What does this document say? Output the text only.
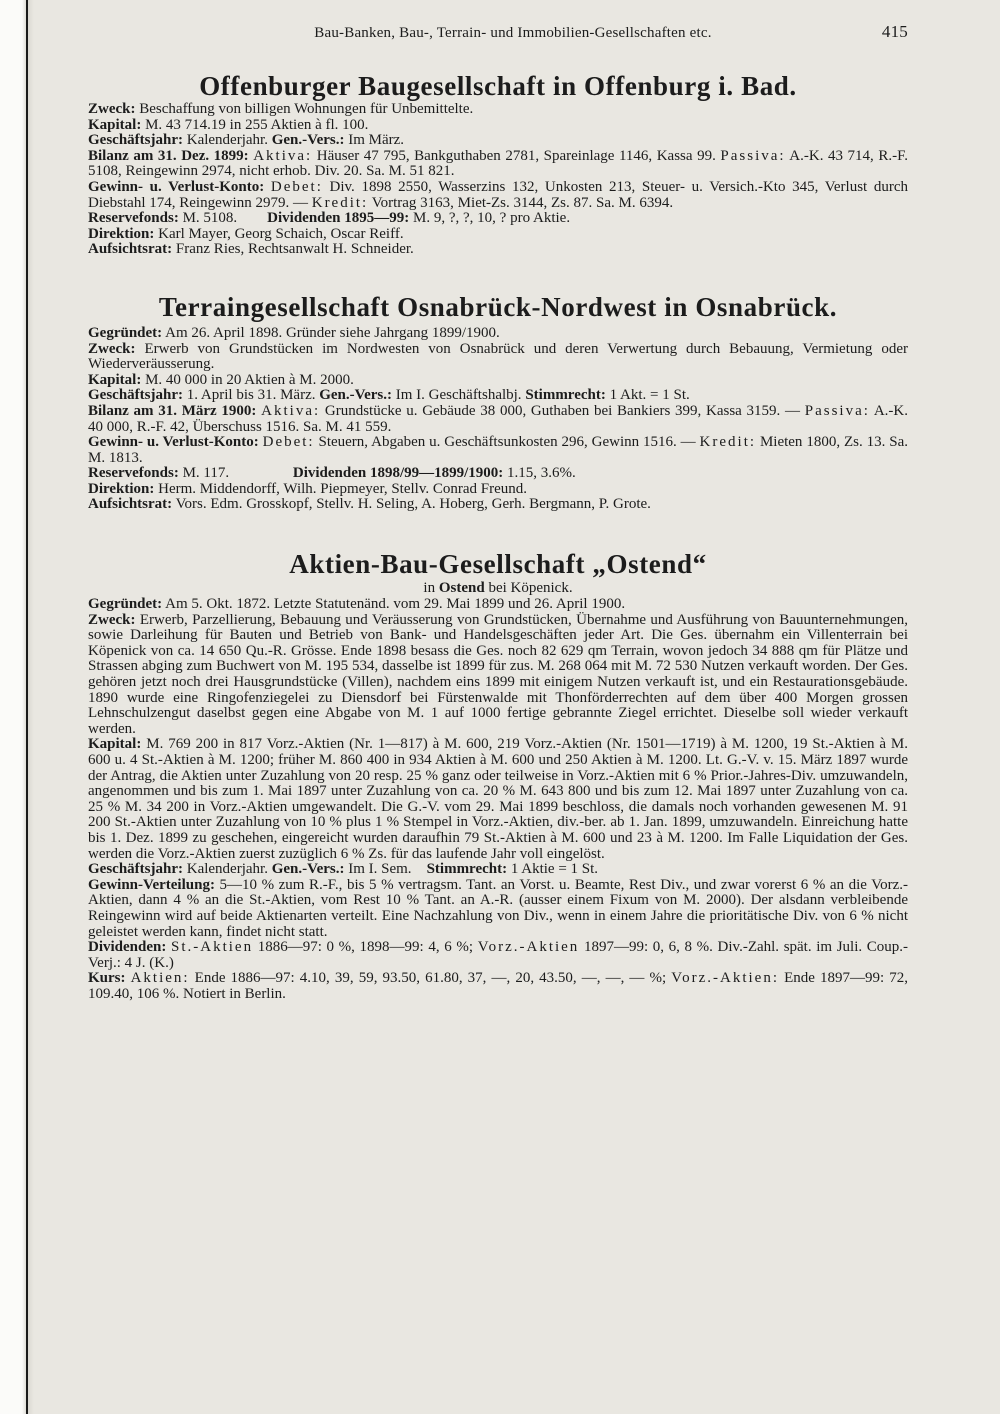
Bau-Banken, Bau-, Terrain- und Immobilien-Gesellschaften etc.	415
Offenburger Baugesellschaft in Offenburg i. Bad.

Zweck: Beschaffung von billigen Wohnungen für Unbemittelte.

Kapital: M. 43 714.19 in 255 Aktien à fl. 100.

Geschäftsjahr: Kalenderjahr. Gen.-Vers.: Im März.

Bilanz am 31. Dez. 1899: Aktiva: Häuser 47 795, Bankguthaben 2781, Spareinlage 1146, Kassa 99. Passiva: A.-K. 43 714, R.-F. 5108, Reingewinn 2974, nicht erhob. Div. 20. Sa. M. 51 821.

Gewinn- u. Verlust-Konto: Debet: Div. 1898 2550, Wasserzins 132, Unkosten 213, Steuer- u. Versich.-Kto 345, Verlust durch Diebstahl 174, Reingewinn 2979. — Kredit: Vortrag 3163, Miet-Zs. 3144, Zs. 87. Sa. M. 6394.

Reservefonds: M. 5108. Dividenden 1895—99: M. 9, ?, ?, 10, ? pro Aktie.

Direktion: Karl Mayer, Georg Schaich, Oscar Reiff.

Aufsichtsrat: Franz Ries, Rechtsanwalt H. Schneider.

Terraingesellschaft Osnabrück-Nordwest in Osnabrück.

Gegründet: Am 26. April 1898. Gründer siehe Jahrgang 1899/1900.

Zweck: Erwerb von Grundstücken im Nordwesten von Osnabrück und deren Verwertung durch Bebauung, Vermietung oder Wiederveräusserung.

Kapital: M. 40 000 in 20 Aktien à M. 2000.

Geschäftsjahr: 1. April bis 31. März. Gen.-Vers.: Im I. Geschäftshalbj. Stimmrecht: 1 Akt. = 1 St.

Bilanz am 31. März 1900: Aktiva: Grundstücke u. Gebäude 38 000, Guthaben bei Bankiers 399, Kassa 3159. — Passiva: A.-K. 40 000, R.-F. 42, Überschuss 1516. Sa. M. 41 559.

Gewinn- u. Verlust-Konto: Debet: Steuern, Abgaben u. Geschäftsunkosten 296, Gewinn 1516. — Kredit: Mieten 1800, Zs. 13. Sa. M. 1813.

Reservefonds: M. 117.	Dividenden 1898/99—1899/1900: 1.15, 3.6%.

Direktion: Herm. Middendorff, Wilh. Piepmeyer, Stellv. Conrad Freund.

Aufsichtsrat: Vors. Edm. Grosskopf, Stellv. H. Seling, A. Hoberg, Gerh. Bergmann, P. Grote.

Aktien-Bau-Gesellschaft „Ostend“
in Ostend bei Köpenick.

Gegründet: Am 5. Okt. 1872. Letzte Statutenänd. vom 29. Mai 1899 und 26. April 1900.

Zweck: Erwerb, Parzellierung, Bebauung und Veräusserung von Grundstücken, Übernahme und Ausführung von Bauunternehmungen, sowie Darleihung für Bauten und Betrieb von Bank- und Handelsgeschäften jeder Art. Die Ges. übernahm ein Villenterrain bei Köpenick von ca. 14 650 Qu.-R. Grösse. Ende 1898 besass die Ges. noch 82 629 qm Terrain, wovon jedoch 34 888 qm für Plätze und Strassen abging zum Buchwert von M. 195 534, dasselbe ist 1899 für zus. M. 268 064 mit M. 72 530 Nutzen verkauft worden. Der Ges. gehören jetzt noch drei Hausgrundstücke (Villen), nachdem eins 1899 mit einigem Nutzen verkauft ist, und ein Restaurationsgebäude. 1890 wurde eine Ringofenziegelei zu Diensdorf bei Fürstenwalde mit Thonförderrechten auf dem über 400 Morgen grossen Lehnschulzengut daselbst gegen eine Abgabe von M. 1 auf 1000 fertige gebrannte Ziegel errichtet. Dieselbe soll wieder verkauft werden.

Kapital: M. 769 200 in 817 Vorz.-Aktien (Nr. 1—817) à M. 600, 219 Vorz.-Aktien (Nr. 1501—1719) à M. 1200, 19 St.-Aktien à M. 600 u. 4 St.-Aktien à M. 1200; früher M. 860 400 in 934 Aktien à M. 600 und 250 Aktien à M. 1200. Lt. G.-V. v. 15. März 1897 wurde der Antrag, die Aktien unter Zuzahlung von 20 resp. 25 % ganz oder teilweise in Vorz.-Aktien mit 6 % Prior.-Jahres-Div. umzuwandeln, angenommen und bis zum 1. Mai 1897 unter Zuzahlung von ca. 20 % M. 643 800 und bis zum 12. Mai 1897 unter Zuzahlung von ca. 25 % M. 34 200 in Vorz.-Aktien umgewandelt. Die G.-V. vom 29. Mai 1899 beschloss, die damals noch vorhanden gewesenen M. 91 200 St.-Aktien unter Zuzahlung von 10 % plus 1 % Stempel in Vorz.-Aktien, div.-ber. ab 1. Jan. 1899, umzuwandeln. Einreichung hatte bis 1. Dez. 1899 zu geschehen, eingereicht wurden daraufhin 79 St.-Aktien à M. 600 und 23 à M. 1200. Im Falle Liquidation der Ges. werden die Vorz.-Aktien zuerst zuzüglich 6 % Zs. für das laufende Jahr voll eingelöst.

Geschäftsjahr: Kalenderjahr. Gen.-Vers.: Im I. Sem. Stimmrecht: 1 Aktie = 1 St.

Gewinn-Verteilung: 5—10 % zum R.-F., bis 5 % vertragsm. Tant. an Vorst. u. Beamte, Rest Div., und zwar vorerst 6 % an die Vorz.-Aktien, dann 4 % an die St.-Aktien, vom Rest 10 % Tant. an A.-R. (ausser einem Fixum von M. 2000). Der alsdann verbleibende Reingewinn wird auf beide Aktienarten verteilt. Eine Nachzahlung von Div., wenn in einem Jahre die prioritätische Div. von 6 % nicht geleistet werden kann, findet nicht statt.

Dividenden: St.-Aktien 1886—97: 0 %, 1898—99: 4, 6 %; Vorz.-Aktien 1897—99: 0, 6, 8 %. Div.-Zahl. spät. im Juli. Coup.-Verj.: 4 J. (K.)

Kurs: Aktien: Ende 1886—97: 4.10, 39, 59, 93.50, 61.80, 37, —, 20, 43.50, —, —, — %; Vorz.-Aktien: Ende 1897—99: 72, 109.40, 106 %. Notiert in Berlin.
